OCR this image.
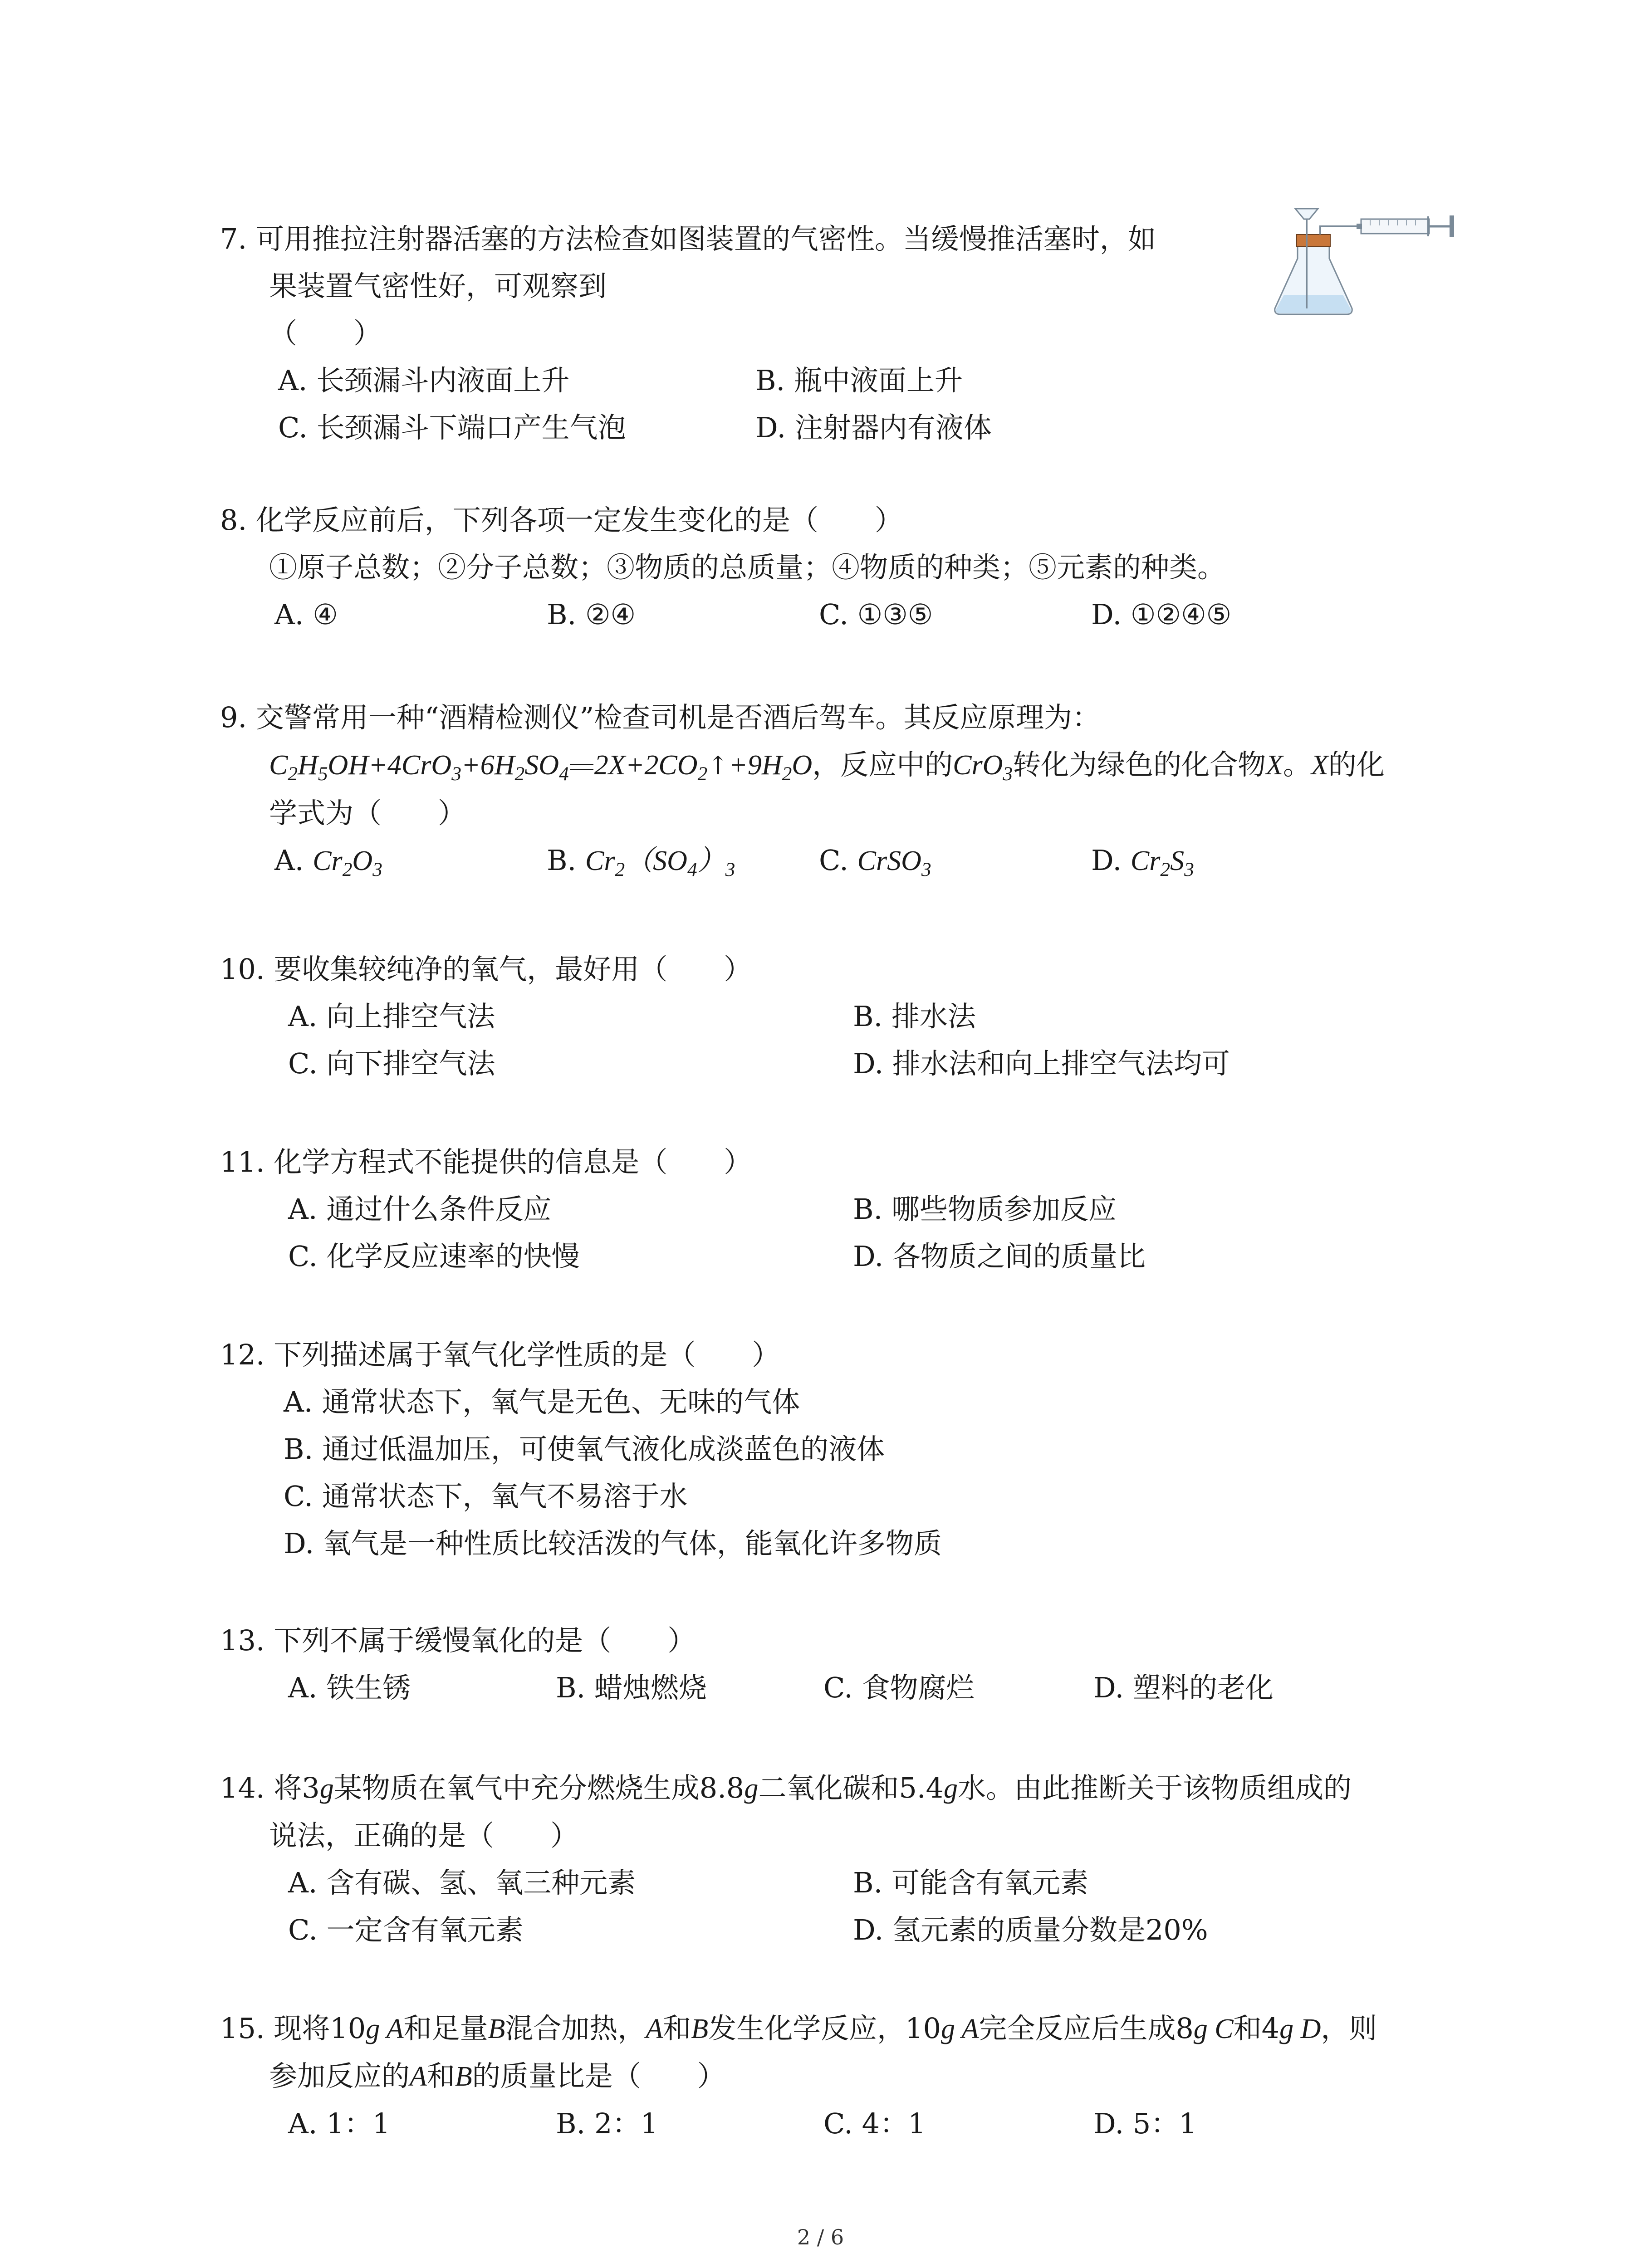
7. 可用推拉注射器活塞的方法检查如图装置的气密性。当缓慢推活塞时，如
果装置气密性好，可观察到
（　　）
A. 长颈漏斗内液面上升	B. 瓶中液面上升
C. 长颈漏斗下端口产生气泡	D. 注射器内有液体
8. 化学反应前后，下列各项一定发生变化的是（　　）
①原子总数；②分子总数；③物质的总质量；④物质的种类；⑤元素的种类。
A. ④	B. ②④	C. ①③⑤	D. ①②④⑤
9. 交警常用一种“酒精检测仪”检查司机是否酒后驾车。其反应原理为：
$C_2H_5OH+4CrO_3+6H_2SO_4$ $2X+2CO_2↑+9H_2O$，反应中的CrO$_3$转化为绿色的化合物X。X的化
学式为（　　）
A. $Cr_2O_3$	B. $Cr_2(SO_4)_3$	C. CrSO$_3$	D. $Cr_2S_3$
10. 要收集较纯净的氧气，最好用（　　）
A. 向上排空气法	B. 排水法
C. 向下排空气法	D. 排水法和向上排空气法均可
11. 化学方程式不能提供的信息是（　　）
A. 通过什么条件反应	B. 哪些物质参加反应
C. 化学反应速率的快慢	D. 各物质之间的质量比
12. 下列描述属于氧气化学性质的是（　　）
A. 通常状态下，氧气是无色、无味的气体
B. 通过低温加压，可使氧气液化成淡蓝色的液体
C. 通常状态下，氧气不易溶于水
D. 氧气是一种性质比较活泼的气体，能氧化许多物质
13. 下列不属于缓慢氧化的是（　　）
A. 铁生锈	B. 蜡烛燃烧	C. 食物腐烂	D. 塑料的老化
14. 将3g某物质在氧气中充分燃烧生成8.8g二氧化碳和5.4g水。由此推断关于该物质组成的
说法，正确的是（　　）
A. 含有碳、氢、氧三种元素	B. 可能含有氧元素
C. 一定含有氧元素	D. 氢元素的质量分数是20%
15. 现将10g A和足量B混合加热，A和B发生化学反应，10g A完全反应后生成8g C和4g D，则
参加反应的A和B的质量比是（　　）
A. 1：1	B. 2：1	C. 4：1	D. 5：1
2 / 6
